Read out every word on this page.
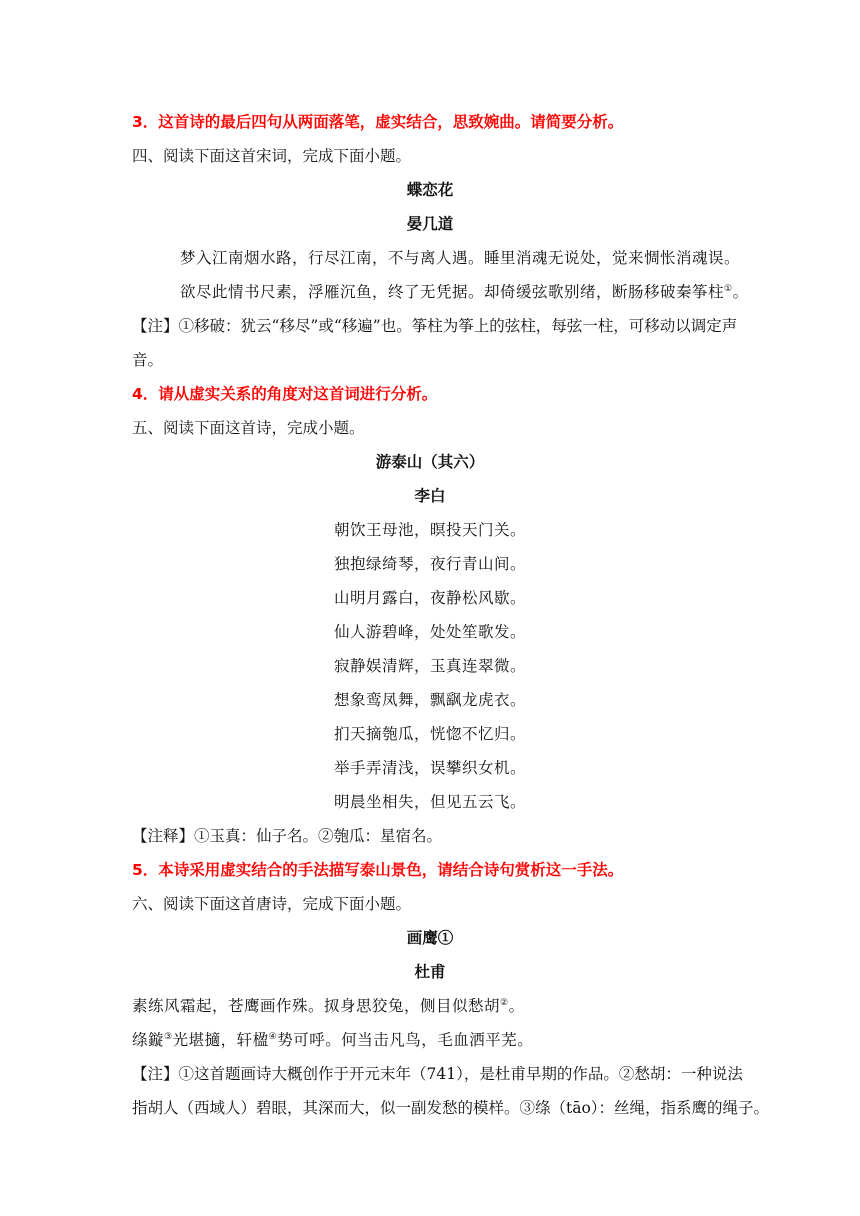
3．这首诗的最后四句从两面落笔，虚实结合，思致婉曲。请简要分析。
四、阅读下面这首宋词，完成下面小题。
蝶恋花
晏几道
梦入江南烟水路，行尽江南，不与离人遇。睡里消魂无说处，觉来惆怅消魂误。
欲尽此情书尺素，浮雁沉鱼，终了无凭据。却倚缓弦歌别绪，断肠移破秦筝柱①。
【注】①移破：犹云“移尽”或“移遍”也。筝柱为筝上的弦柱，每弦一柱，可移动以调定声
音。
4．请从虚实关系的角度对这首词进行分析。
五、阅读下面这首诗，完成小题。
游泰山（其六）
李白
朝饮王母池，暝投天门关。
独抱绿绮琴，夜行青山间。
山明月露白，夜静松风歇。
仙人游碧峰，处处笙歌发。
寂静娱清辉，玉真连翠微。
想象鸾凤舞，飘飖龙虎衣。
扪天摘匏瓜，恍惚不忆归。
举手弄清浅，误攀织女机。
明晨坐相失，但见五云飞。
【注释】①玉真：仙子名。②匏瓜：星宿名。
5．本诗采用虚实结合的手法描写泰山景色，请结合诗句赏析这一手法。
六、阅读下面这首唐诗，完成下面小题。
画鹰①
杜甫
素练风霜起，苍鹰画作殊。㧐身思狡兔，侧目似愁胡②。
绦鏇③光堪擿，轩楹④势可呼。何当击凡鸟，毛血洒平芜。
【注】①这首题画诗大概创作于开元末年（741），是杜甫早期的作品。②愁胡：一种说法
指胡人（西域人）碧眼，其深而大，似一副发愁的模样。③绦（tāo）：丝绳，指系鹰的绳子。
